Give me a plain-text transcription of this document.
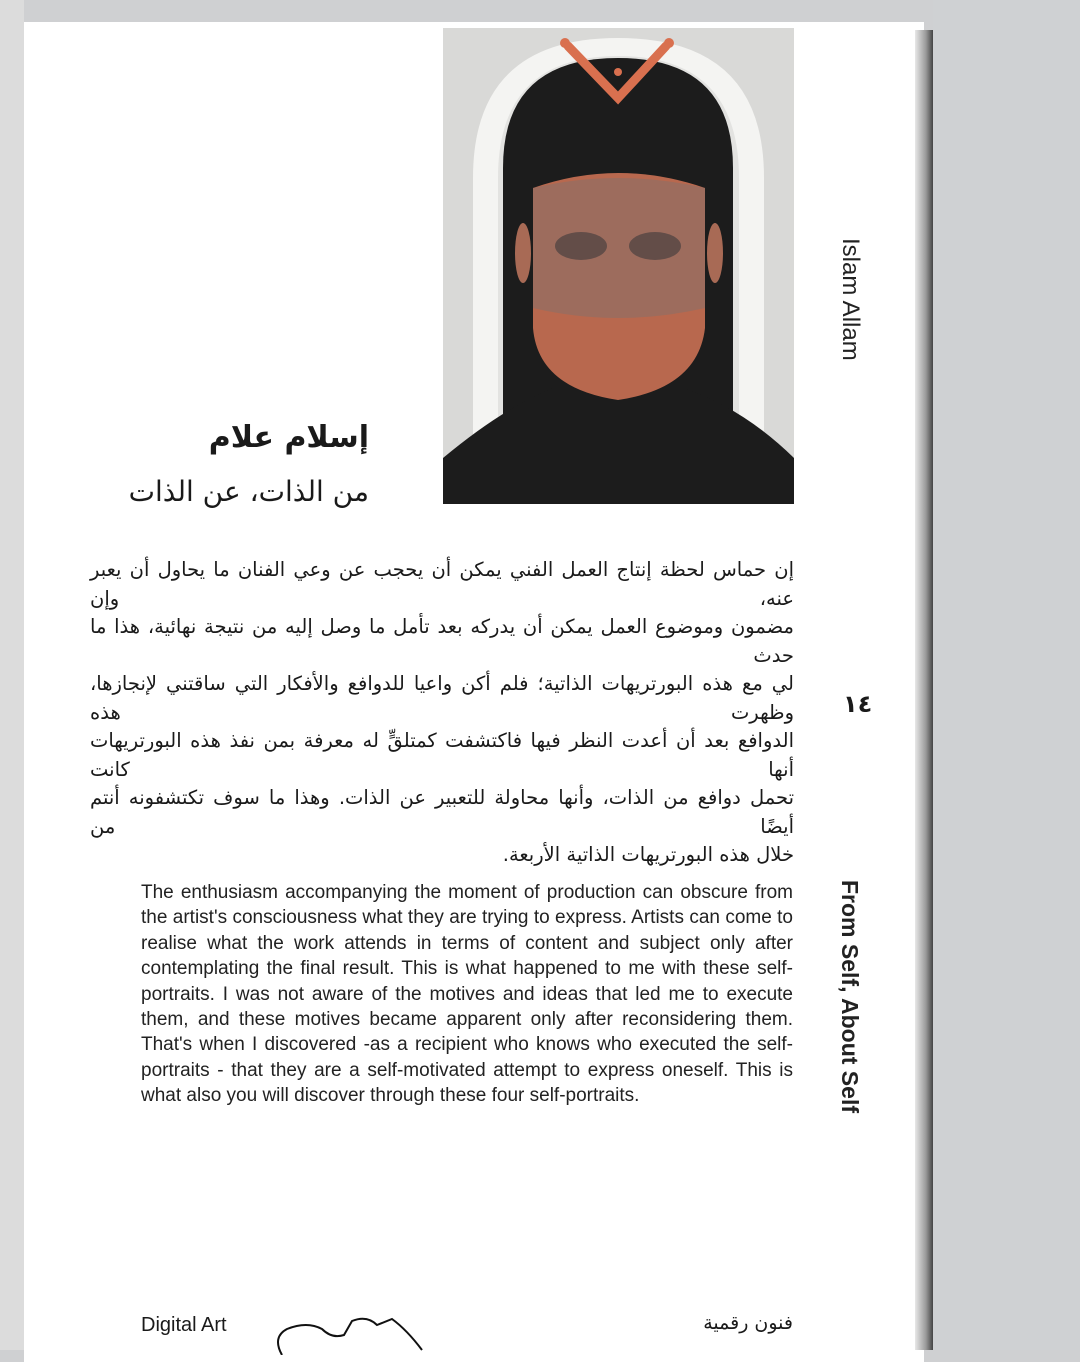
إسلام علام
من الذات، عن الذات
Islam Allam
١٤
From Self, About Self
إن حماس لحظة إنتاج العمل الفني يمكن أن يحجب عن وعي الفنان ما يحاول أن يعبر عنه، وإن
مضمون وموضوع العمل يمكن أن يدركه بعد تأمل ما وصل إليه من نتيجة نهائية، هذا ما حدث
لي مع هذه البورتريهات الذاتية؛ فلم أكن واعيا للدوافع والأفكار التي ساقتني لإنجازها، وظهرت هذه
الدوافع بعد أن أعدت النظر فيها فاكتشفت كمتلقٍّ له معرفة بمن نفذ هذه البورتريهات أنها كانت
تحمل دوافع من الذات، وأنها محاولة للتعبير عن الذات. وهذا ما سوف تكتشفونه أنتم أيضًا من
خلال هذه البورتريهات الذاتية الأربعة.
The enthusiasm accompanying the moment of production can obscure from the artist's consciousness what they are trying to express. Artists can come to realise what the work attends in terms of content and subject only after contemplating the final result. This is what happened to me with these self-portraits. I was not aware of the motives and ideas that led me to execute them, and these motives became apparent only after reconsidering them. That's when I discovered -as a recipient who knows who executed the self-portraits - that they are a self-motivated attempt to express oneself. This is what also you will discover through these four self-portraits.
Digital Art	فنون رقمية
